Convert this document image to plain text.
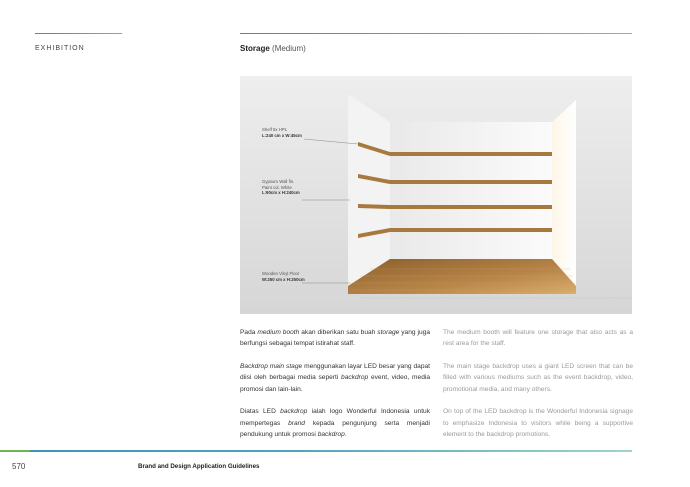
EXHIBITION	Storage (Medium)
Shelf 5x HPL
L:240 cm x W:45cm
Gypsum Wall fin.
Paint col. White
L:90cm x H:240cm
Wooden Vinyl Floor
W:250 cm x H:250cm

Pada medium booth akan diberikan satu buah storage yang juga berfungsi sebagai tempat istirahat staff.

Backdrop main stage menggunakan layar LED besar yang dapat diisi oleh berbagai media seperti backdrop event, video, media promosi dan lain-lain.

Diatas LED backdrop ialah logo Wonderful Indonesia untuk mempertegas brand kepada pengunjung serta menjadi pendukung untuk promosi backdrop.

The medium booth will feature one storage that also acts as a rest area for the staff.

The main stage backdrop uses a giant LED screen that can be filled with various mediums such as the event backdrop, video, promotional media, and many others.

On top of the LED backdrop is the Wonderful Indonesia signage to emphasize Indonesia to visitors while being a supportive element to the backdrop promotions.

570	Brand and Design Application Guidelines
